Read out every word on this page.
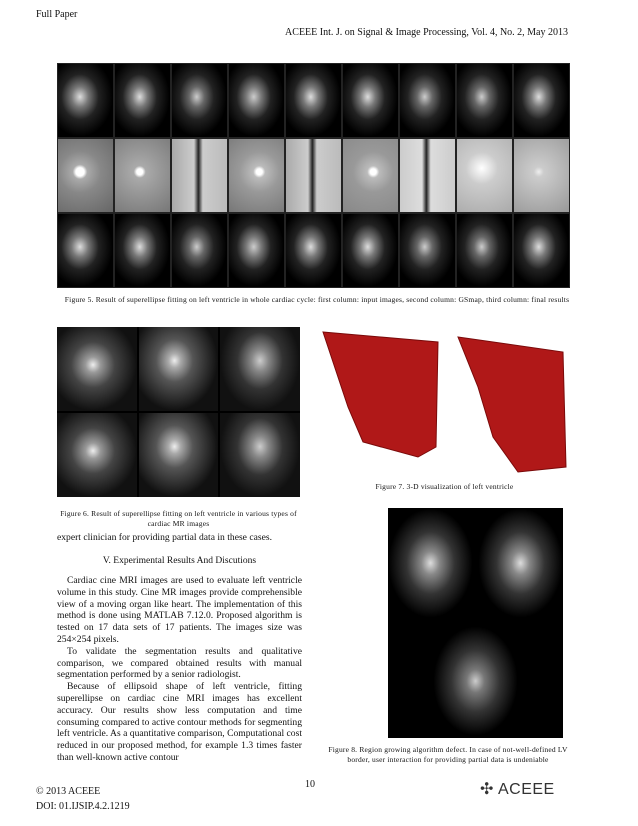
Full Paper
ACEEE Int. J. on Signal & Image Processing, Vol. 4, No. 2, May 2013
Figure 5. Result of superellipse fitting on left ventricle in whole cardiac cycle: first column: input images, second column: GSmap, third column: final results
Figure 6. Result of superellipse fitting on left ventricle in various types of cardiac MR images
Figure 7. 3-D visualization of left ventricle
Figure 8. Region growing algorithm defect. In case of not-well-defined LV border, user interaction for providing partial data is undeniable
expert clinician for providing partial data in these cases.
V. Experimental Results And Discutions

Cardiac cine MRI images are used to evaluate left ventricle volume in this study. Cine MR images provide comprehensible view of a moving organ like heart. The implementation of this method is done using MATLAB 7.12.0. Proposed algorithm is tested on 17 data sets of 17 patients. The images size was 254×254 pixels.

To validate the segmentation results and qualitative comparison, we compared obtained results with manual segmentation performed by a senior radiologist.

Because of ellipsoid shape of left ventricle, fitting superellipse on cardiac cine MRI images has excellent accuracy. Our results show less computation and time consuming compared to active contour methods for segmenting left ventricle. As a quantitative comparison, Computational cost reduced in our proposed method, for example 1.3 times faster than well-known active contour

10
© 2013 ACEEE
DOI: 01.IJSIP.4.2.1219
✣ ACEEE
